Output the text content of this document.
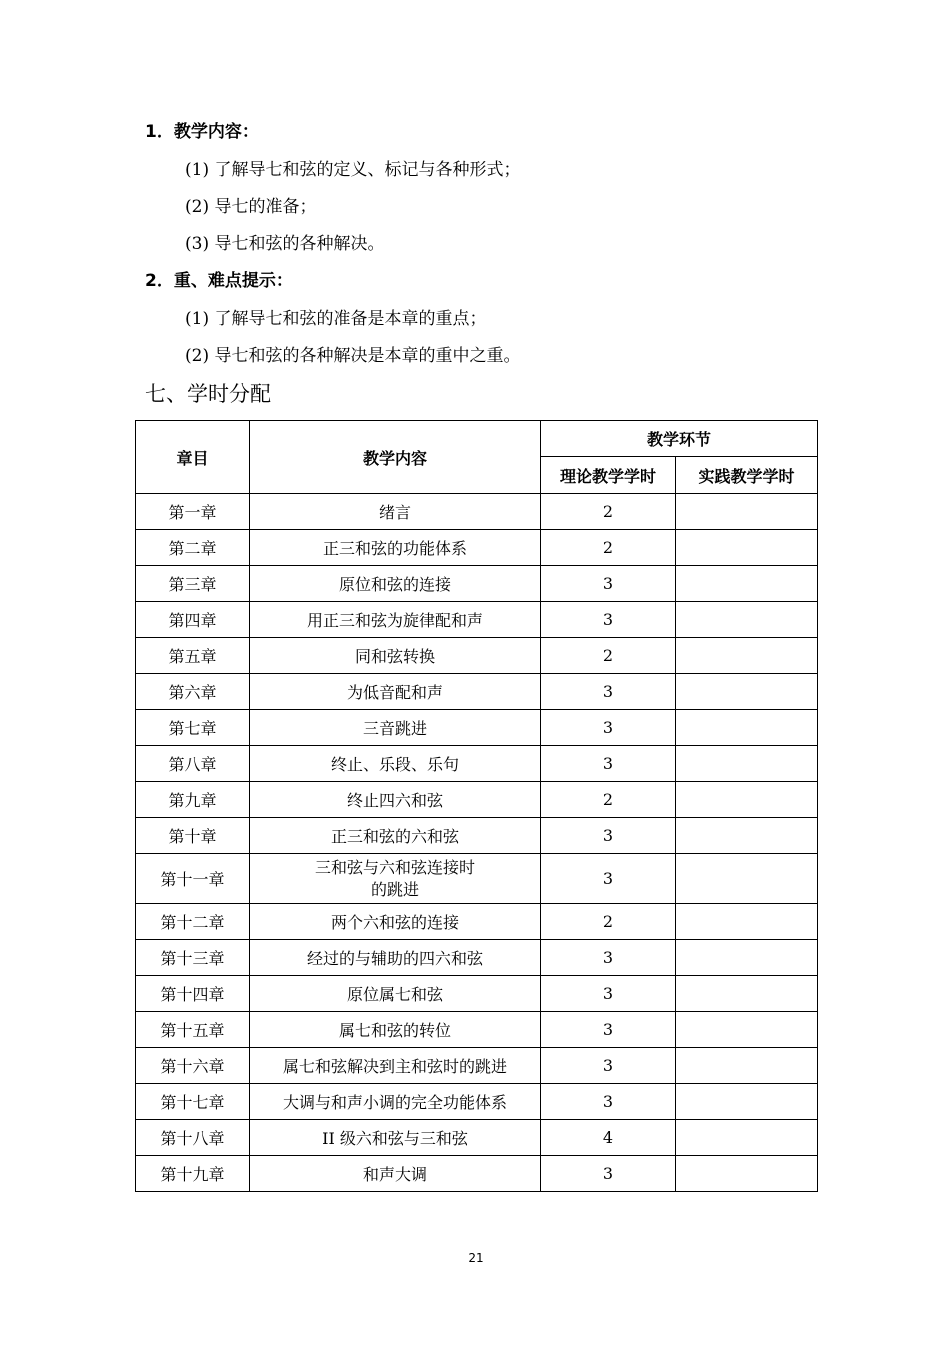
1．教学内容：
(1) 了解导七和弦的定义、标记与各种形式；
(2) 导七的准备；
(3) 导七和弦的各种解决。
2．重、难点提示：
(1) 了解导七和弦的准备是本章的重点；
(2) 导七和弦的各种解决是本章的重中之重。
七、学时分配
章目	教学内容	教学环节	
		理论教学学时	实践教学学时
第一章	绪言	2	
第二章	正三和弦的功能体系	2	
第三章	原位和弦的连接	3	
第四章	用正三和弦为旋律配和声	3	
第五章	同和弦转换	2	
第六章	为低音配和声	3	
第七章	三音跳进	3	
第八章	终止、乐段、乐句	3	
第九章	终止四六和弦	2	
第十章	正三和弦的六和弦	3	
第十一章	三和弦与六和弦连接时
的跳进	3	
第十二章	两个六和弦的连接	2	
第十三章	经过的与辅助的四六和弦	3	
第十四章	原位属七和弦	3	
第十五章	属七和弦的转位	3	
第十六章	属七和弦解决到主和弦时的跳进	3	
第十七章	大调与和声小调的完全功能体系	3	
第十八章	II 级六和弦与三和弦	4	
第十九章	和声大调	3	
21
